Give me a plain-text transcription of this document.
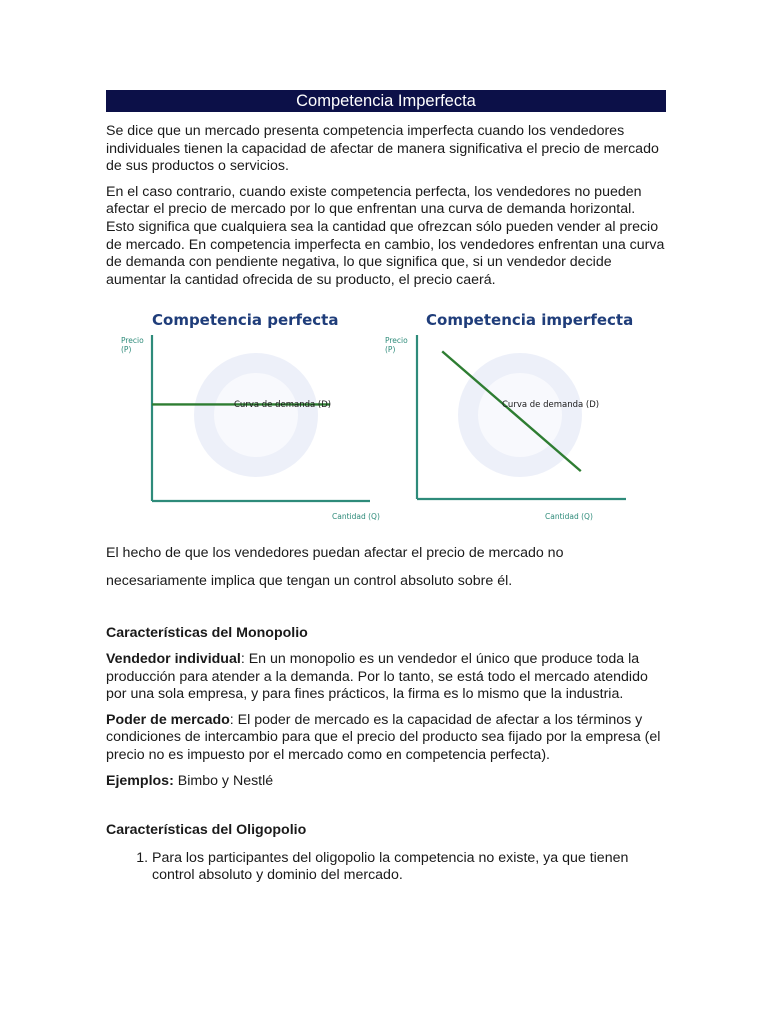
Competencia Imperfecta

Se dice que un mercado presenta competencia imperfecta cuando los vendedores individuales tienen la capacidad de afectar de manera significativa el precio de mercado de sus productos o servicios.

En el caso contrario, cuando existe competencia perfecta, los vendedores no pueden afectar el precio de mercado por lo que enfrentan una curva de demanda horizontal. Esto significa que cualquiera sea la cantidad que ofrezcan sólo pueden vender al precio de mercado. En competencia imperfecta en cambio, los vendedores enfrentan una curva de demanda con pendiente negativa, lo que significa que, si un vendedor decide aumentar la cantidad ofrecida de su producto, el precio caerá.

Competencia perfecta
Precio
(P)
Curva de demanda (D)
Cantidad (Q)
Competencia imperfecta
Precio
(P)
Curva de demanda (D)
Cantidad (Q)

El hecho de que los vendedores puedan afectar el precio de mercado no necesariamente implica que tengan un control absoluto sobre él.

Características del Monopolio

Vendedor individual: En un monopolio es un vendedor el único que produce toda la producción para atender a la demanda. Por lo tanto, se está todo el mercado atendido por una sola empresa, y para fines prácticos, la firma es lo mismo que la industria.

Poder de mercado: El poder de mercado es la capacidad de afectar a los términos y condiciones de intercambio para que el precio del producto sea fijado por la empresa (el precio no es impuesto por el mercado como en competencia perfecta).

Ejemplos: Bimbo y Nestlé

Características del Oligopolio

1. Para los participantes del oligopolio la competencia no existe, ya que tienen control absoluto y dominio del mercado.
